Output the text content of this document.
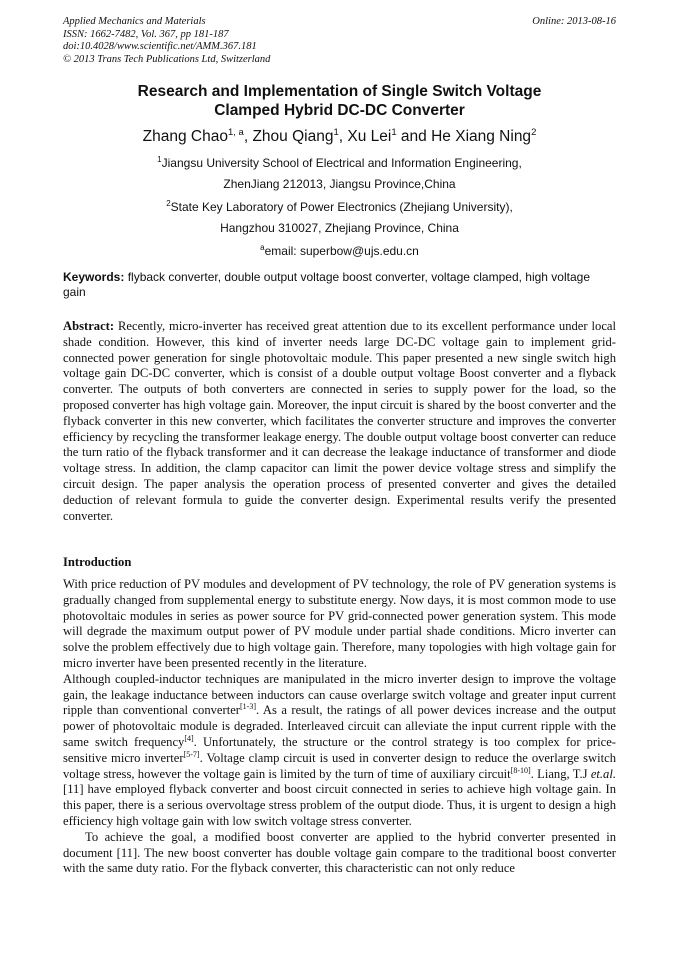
Applied Mechanics and Materials
ISSN: 1662-7482, Vol. 367, pp 181-187
doi:10.4028/www.scientific.net/AMM.367.181
© 2013 Trans Tech Publications Ltd, Switzerland
Online: 2013-08-16
Research and Implementation of Single Switch Voltage
Clamped Hybrid DC-DC Converter
Zhang Chao$^{1, a}$, Zhou Qiang$^1$, Xu Lei$^1$ and He Xiang Ning$^2$
$^1$Jiangsu University School of Electrical and Information Engineering,
ZhenJiang 212013, Jiangsu Province,China
$^2$State Key Laboratory of Power Electronics (Zhejiang University),
Hangzhou 310027, Zhejiang Province, China
$^a$email: superbow@ujs.edu.cn
Keywords: flyback converter, double output voltage boost converter, voltage clamped, high voltage gain
Abstract: Recently, micro-inverter has received great attention due to its excellent performance under local shade condition. However, this kind of inverter needs large DC-DC voltage gain to implement grid-connected power generation for single photovoltaic module. This paper presented a new single switch high voltage gain DC-DC converter, which is consist of a double output voltage Boost converter and a flyback converter. The outputs of both converters are connected in series to supply power for the load, so the proposed converter has high voltage gain. Moreover, the input circuit is shared by the boost converter and the flyback converter in this new converter, which facilitates the converter structure and improves the converter efficiency by recycling the transformer leakage energy. The double output voltage boost converter can reduce the turn ratio of the flyback transformer and it can decrease the leakage inductance of transformer and diode voltage stress. In addition, the clamp capacitor can limit the power device voltage stress and simplify the circuit design. The paper analysis the operation process of presented converter and gives the detailed deduction of relevant formula to guide the converter design. Experimental results verify the presented converter.
Introduction

With price reduction of PV modules and development of PV technology, the role of PV generation systems is gradually changed from supplemental energy to substitute energy. Now days, it is most common mode to use photovoltaic modules in series as power source for PV grid-connected power generation system. This mode will degrade the maximum output power of PV module under partial shade conditions. Micro inverter can solve the problem effectively due to high voltage gain. Therefore, many topologies with high voltage gain for micro inverter have been presented recently in the literature.

Although coupled-inductor techniques are manipulated in the micro inverter design to improve the voltage gain, the leakage inductance between inductors can cause overlarge switch voltage and greater input current ripple than conventional converter[1-3]. As a result, the ratings of all power devices increase and the output power of photovoltaic module is degraded. Interleaved circuit can alleviate the input current ripple with the same switch frequency[4]. Unfortunately, the structure or the control strategy is too complex for price-sensitive micro inverter[5-7]. Voltage clamp circuit is used in converter design to reduce the overlarge switch voltage stress, however the voltage gain is limited by the turn of time of auxiliary circuit[8-10]. Liang, T.J et.al. [11] have employed flyback converter and boost circuit connected in series to achieve high voltage gain. In this paper, there is a serious overvoltage stress problem of the output diode. Thus, it is urgent to design a high efficiency high voltage gain with low switch voltage stress converter.

To achieve the goal, a modified boost converter are applied to the hybrid converter presented in document [11]. The new boost converter has double voltage gain compare to the traditional boost converter with the same duty ratio. For the flyback converter, this characteristic can not only reduce
